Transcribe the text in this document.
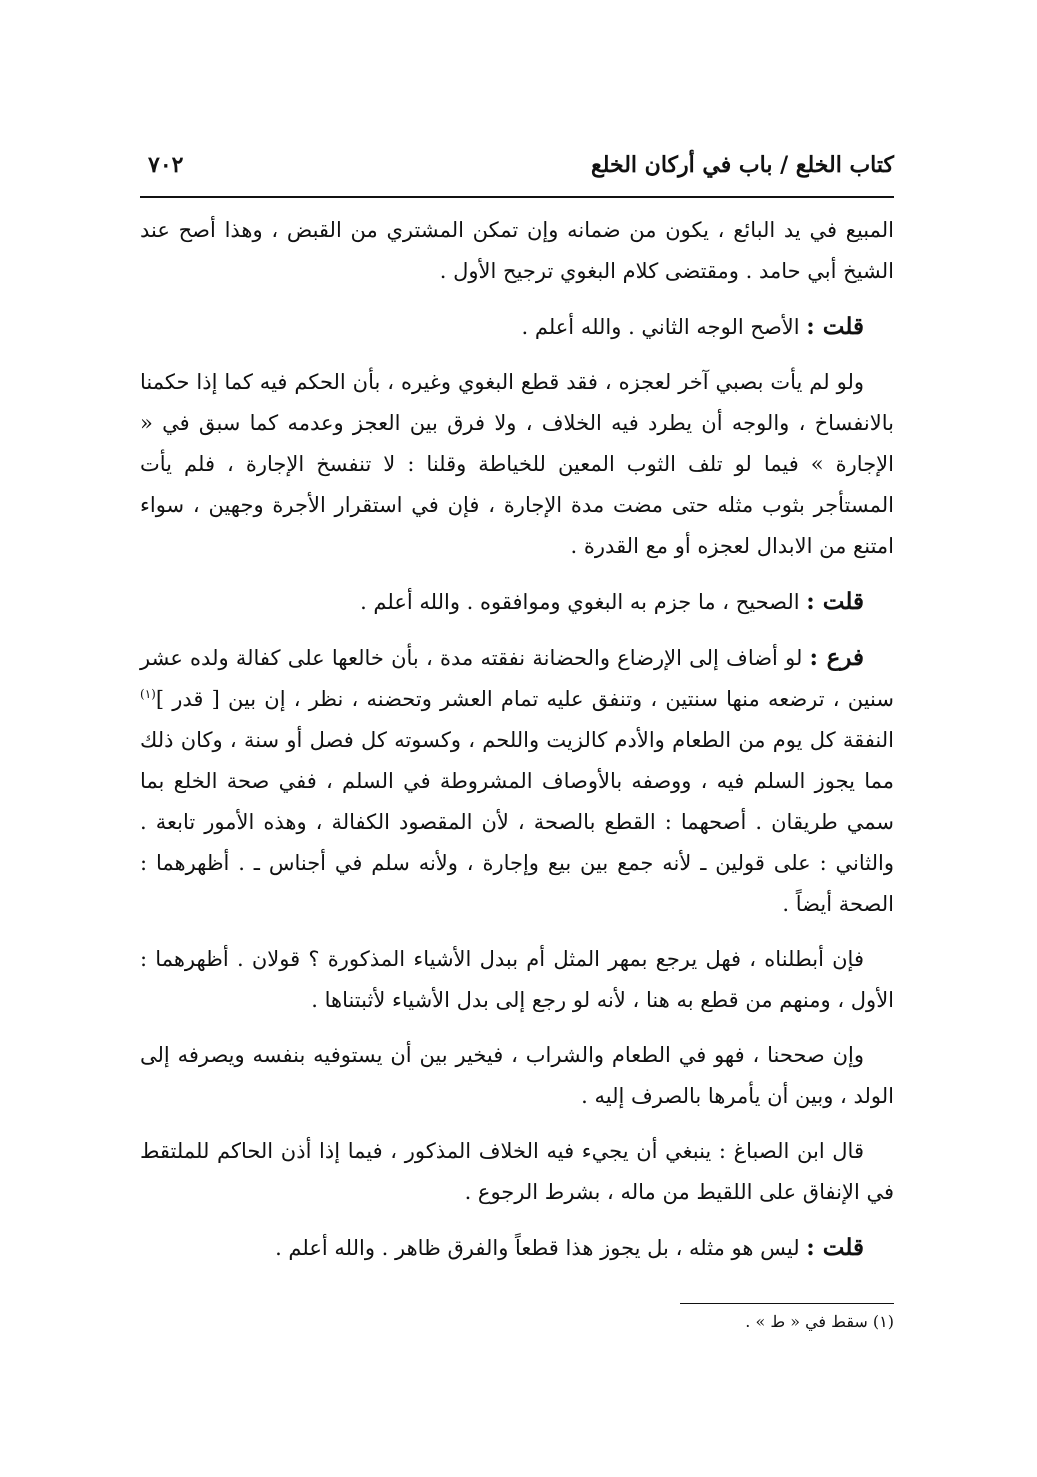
كتاب الخلع / باب في أركان الخلع
٧٠٢

المبيع في يد البائع ، يكون من ضمانه وإن تمكن المشتري من القبض ، وهذا أصح عند الشيخ أبي حامد . ومقتضى كلام البغوي ترجيح الأول .

قلت : الأصح الوجه الثاني . والله أعلم .

ولو لم يأت بصبي آخر لعجزه ، فقد قطع البغوي وغيره ، بأن الحكم فيه كما إذا حكمنا بالانفساخ ، والوجه أن يطرد فيه الخلاف ، ولا فرق بين العجز وعدمه كما سبق في « الإجارة » فيما لو تلف الثوب المعين للخياطة وقلنا : لا تنفسخ الإجارة ، فلم يأت المستأجر بثوب مثله حتى مضت مدة الإجارة ، فإن في استقرار الأجرة وجهين ، سواء امتنع من الابدال لعجزه أو مع القدرة .

قلت : الصحيح ، ما جزم به البغوي وموافقوه . والله أعلم .

فرع : لو أضاف إلى الإرضاع والحضانة نفقته مدة ، بأن خالعها على كفالة ولده عشر سنين ، ترضعه منها سنتين ، وتنفق عليه تمام العشر وتحضنه ، نظر ، إن بين [ قدر ]$^{(١)}$ النفقة كل يوم من الطعام والأدم كالزيت واللحم ، وكسوته كل فصل أو سنة ، وكان ذلك مما يجوز السلم فيه ، ووصفه بالأوصاف المشروطة في السلم ، ففي صحة الخلع بما سمي طريقان . أصحهما : القطع بالصحة ، لأن المقصود الكفالة ، وهذه الأمور تابعة . والثاني : على قولين ـ لأنه جمع بين بيع وإجارة ، ولأنه سلم في أجناس ـ . أظهرهما : الصحة أيضاً .

فإن أبطلناه ، فهل يرجع بمهر المثل أم ببدل الأشياء المذكورة ؟ قولان . أظهرهما : الأول ، ومنهم من قطع به هنا ، لأنه لو رجع إلى بدل الأشياء لأثبتناها .

وإن صححنا ، فهو في الطعام والشراب ، فيخير بين أن يستوفيه بنفسه ويصرفه إلى الولد ، وبين أن يأمرها بالصرف إليه .

قال ابن الصباغ : ينبغي أن يجيء فيه الخلاف المذكور ، فيما إذا أذن الحاكم للملتقط في الإنفاق على اللقيط من ماله ، بشرط الرجوع .

قلت : ليس هو مثله ، بل يجوز هذا قطعاً والفرق ظاهر . والله أعلم .

(١) سقط في « ط » .
